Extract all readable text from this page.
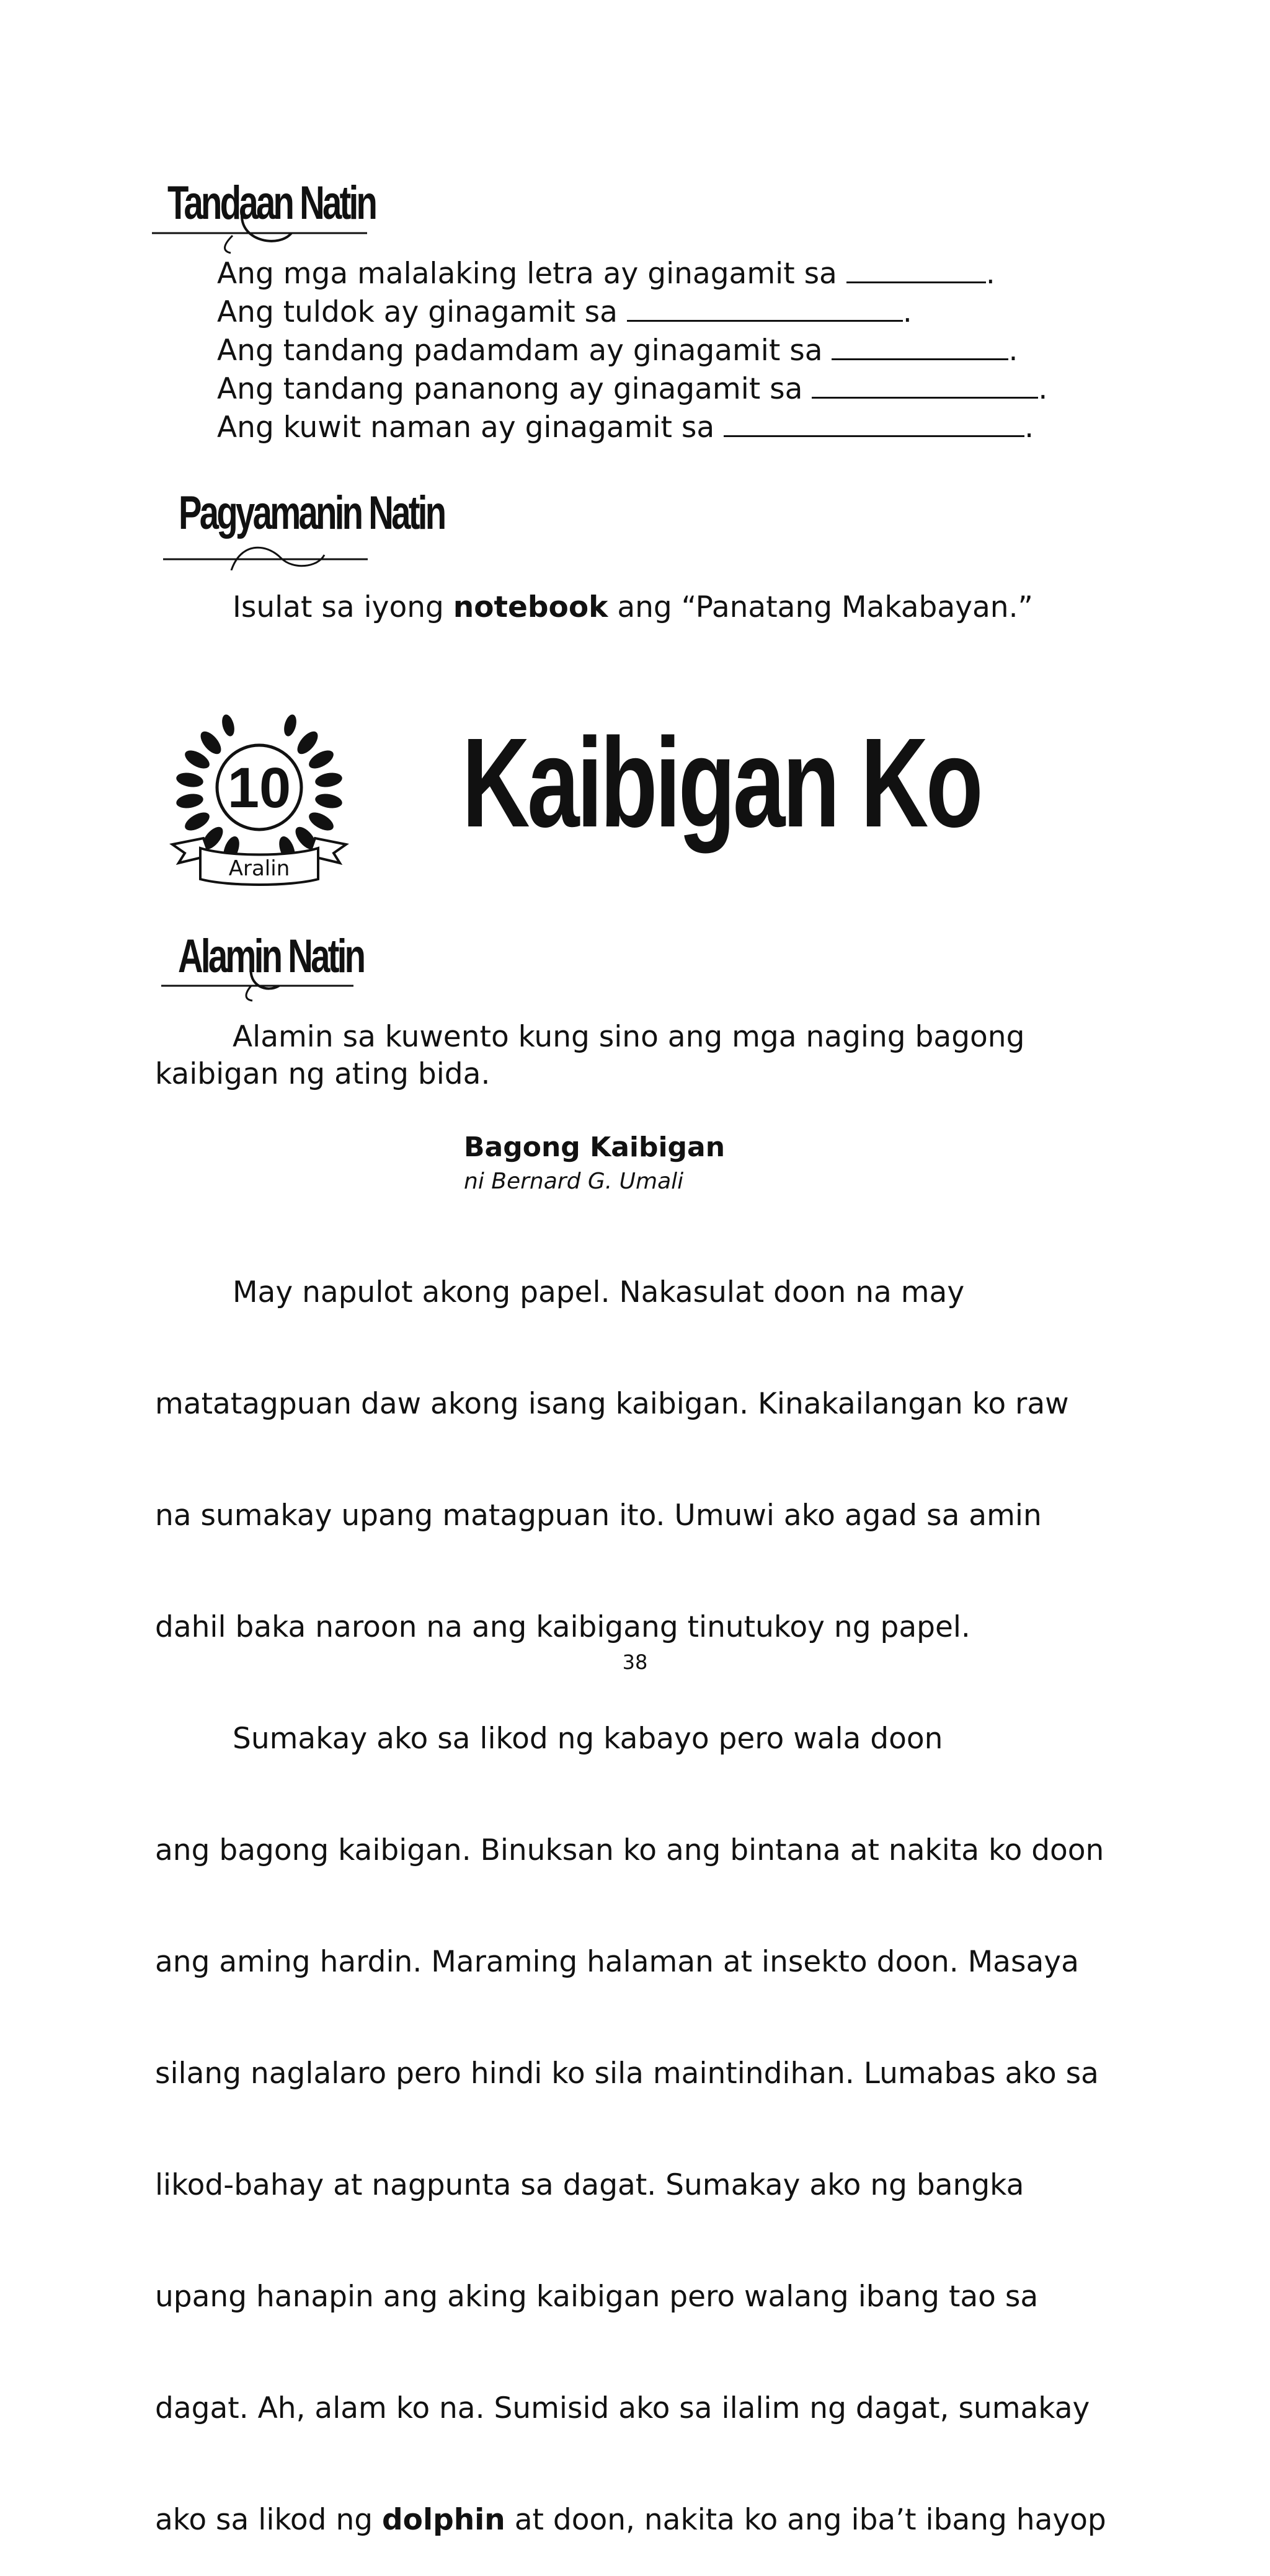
Tandaan Natin
Ang mga malalaking letra ay ginagamit sa	.
Ang tuldok ay ginagamit sa	.
Ang tandang padamdam ay ginagamit sa	.
Ang tandang pananong ay ginagamit sa	.
Ang kuwit naman ay ginagamit sa	.
Pagyamanin Natin
Isulat sa iyong notebook ang “Panatang Makabayan.”
10
Aralin
Kaibigan Ko
Alamin Natin
Alamin sa kuwento kung sino ang mga naging bagong
kaibigan ng ating bida.
Bagong Kaibigan
ni Bernard G. Umali

May napulot akong papel. Nakasulat doon na may

matatagpuan daw akong isang kaibigan. Kinakailangan ko raw

na sumakay upang matagpuan ito. Umuwi ako agad sa amin

dahil baka naroon na ang kaibigang tinutukoy ng papel.

Sumakay ako sa likod ng kabayo pero wala doon

ang bagong kaibigan. Binuksan ko ang bintana at nakita ko doon

ang aming hardin. Maraming halaman at insekto doon. Masaya

silang naglalaro pero hindi ko sila maintindihan. Lumabas ako sa

likod-bahay at nagpunta sa dagat. Sumakay ako ng bangka

upang hanapin ang aking kaibigan pero walang ibang tao sa

dagat. Ah, alam ko na. Sumisid ako sa ilalim ng dagat, sumakay

ako sa likod ng dolphin at doon, nakita ko ang iba’t ibang hayop

38
